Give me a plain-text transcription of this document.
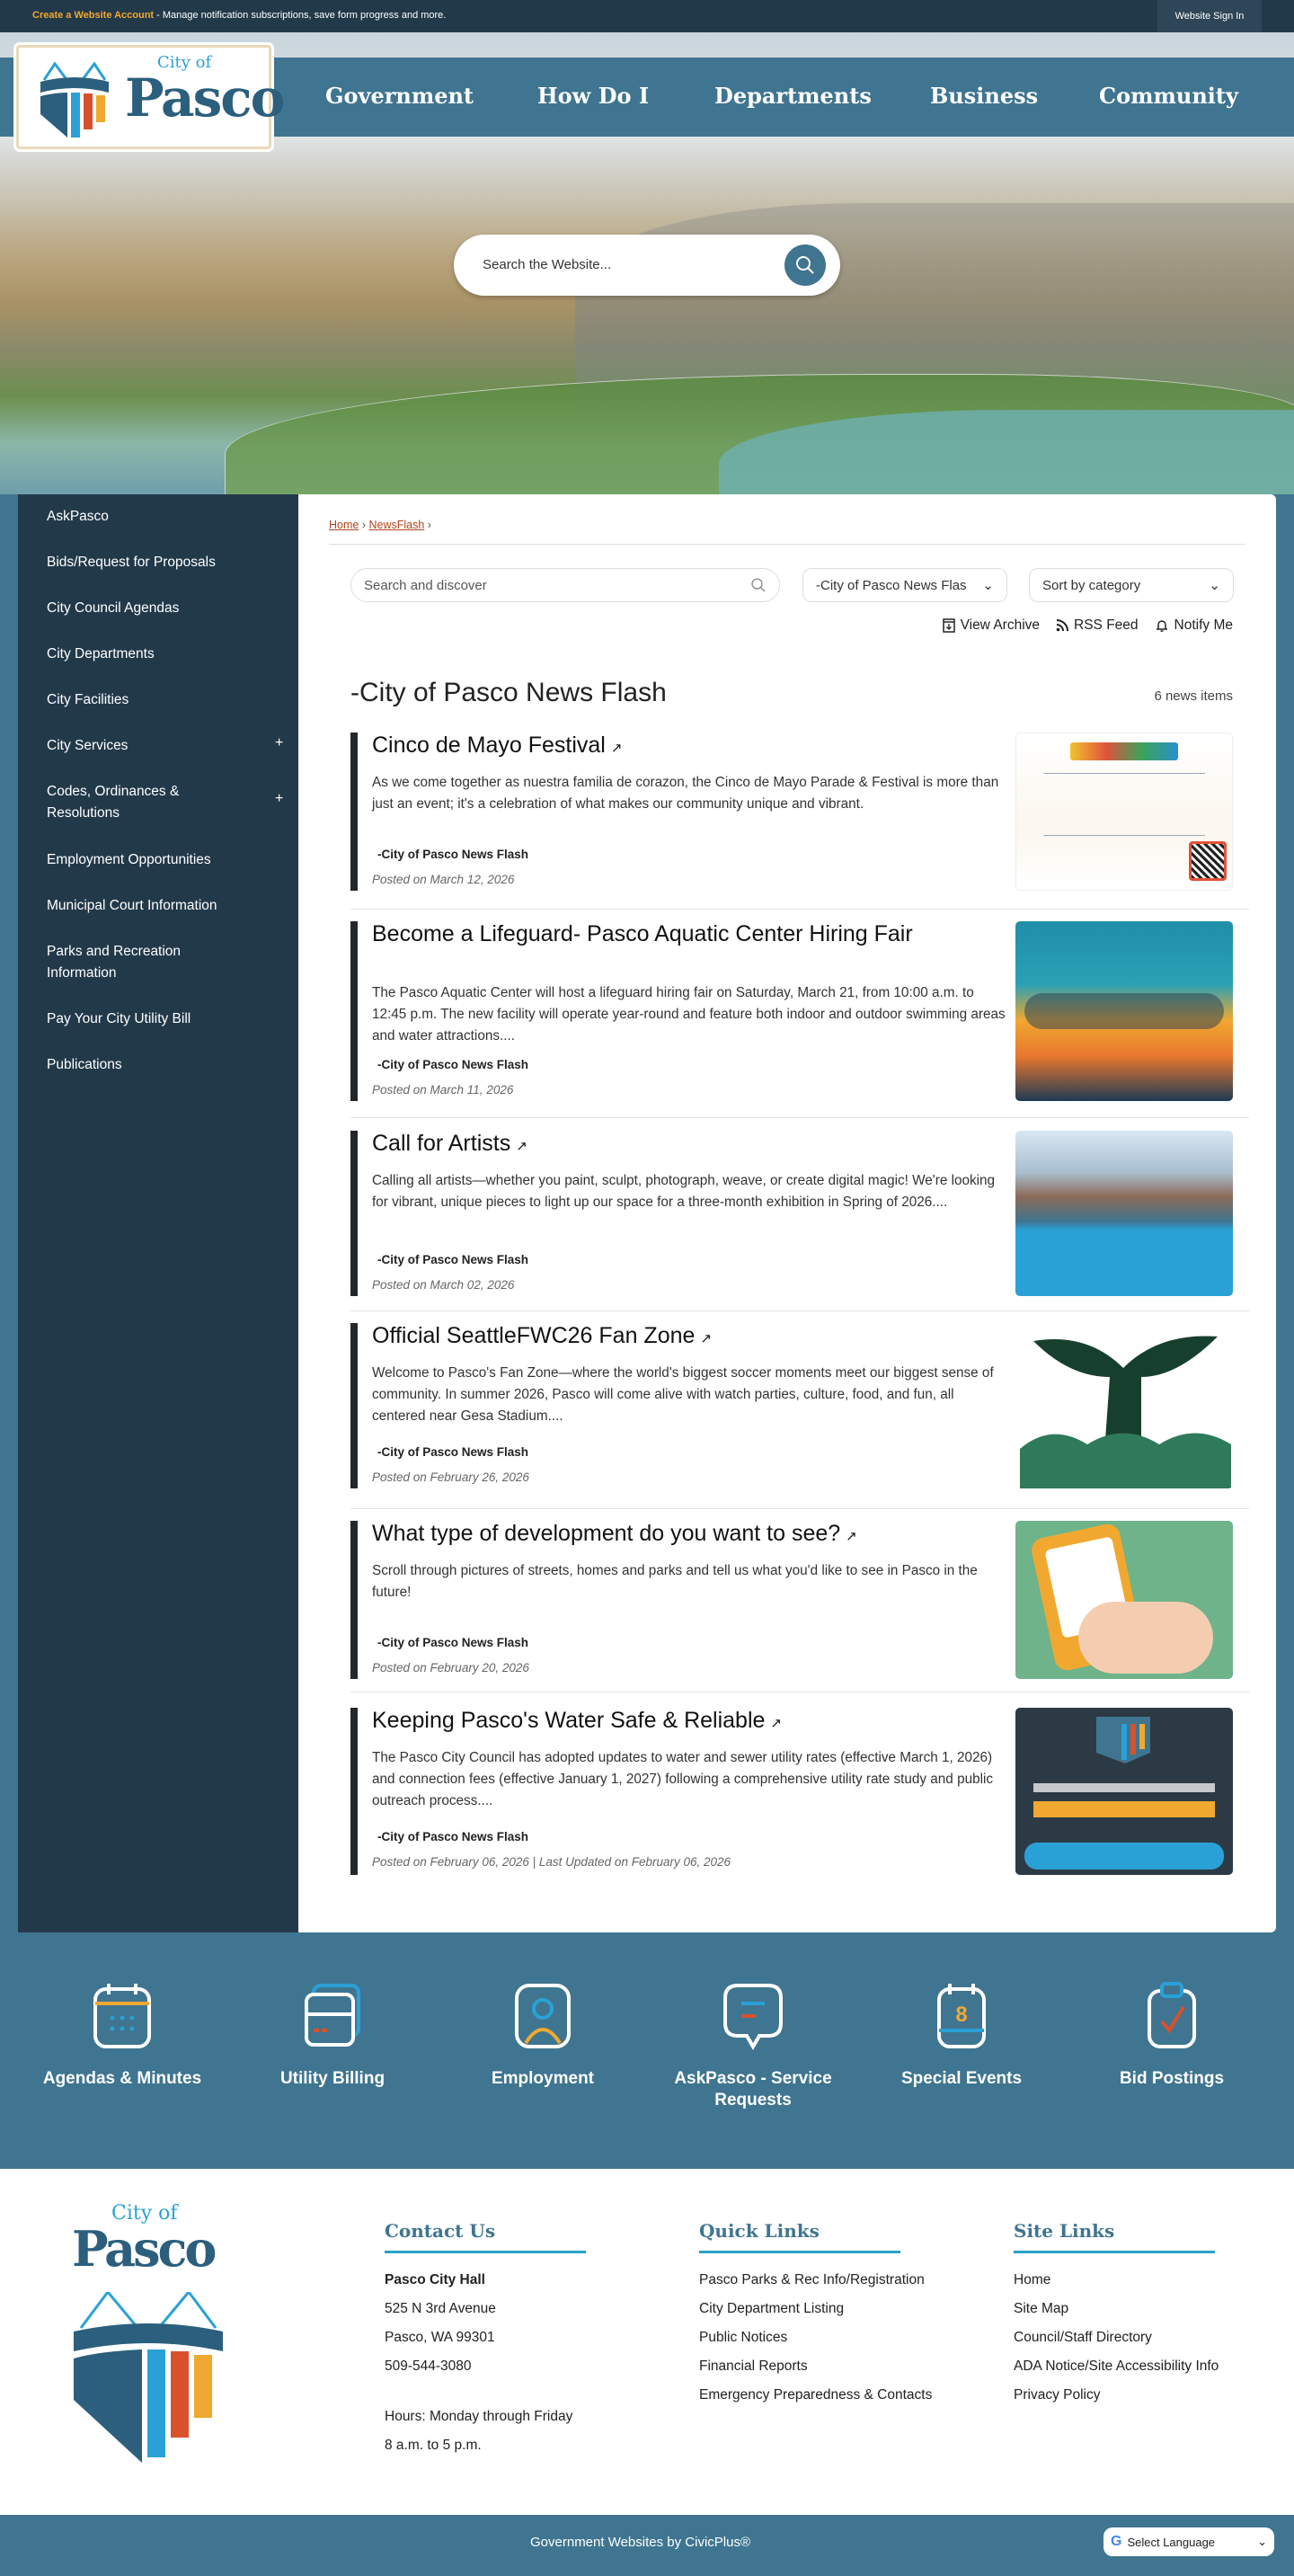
Create a Website Account - Manage notification subscriptions, save form progress and more.	Website Sign In
Government	How Do I	Departments	Business	Community
City of
Pasco
Search the Website...
AskPasco
Bids/Request for Proposals
City Council Agendas
City Departments
City Facilities
City Services	+
Codes, Ordinances & Resolutions
+
Employment Opportunities
Municipal Court Information
Parks and Recreation Information
Pay Your City Utility Bill
Publications
Home › NewsFlash ›
Search and discover	-City of Pasco News Flas	⌄	Sort by category	⌄
View Archive RSS Feed	Notify Me
-City of Pasco News Flash	6 news items
Cinco de Mayo Festival ↗
As we come together as nuestra familia de corazon, the Cinco de Mayo Parade & Festival is more than just an event; it's a celebration of what makes our community unique and vibrant.
-City of Pasco News Flash
Posted on March 12, 2026
Become a Lifeguard- Pasco Aquatic Center Hiring Fair
The Pasco Aquatic Center will host a lifeguard hiring fair on Saturday, March 21, from 10:00 a.m. to 12:45 p.m. The new facility will operate year-round and feature both indoor and outdoor swimming areas and water attractions....
-City of Pasco News Flash
Posted on March 11, 2026
Call for Artists ↗
Calling all artists—whether you paint, sculpt, photograph, weave, or create digital magic! We're looking for vibrant, unique pieces to light up our space for a three-month exhibition in Spring of 2026....
-City of Pasco News Flash
Posted on March 02, 2026
Official SeattleFWC26 Fan Zone ↗
Welcome to Pasco's Fan Zone—where the world's biggest soccer moments meet our biggest sense of community. In summer 2026, Pasco will come alive with watch parties, culture, food, and fun, all centered near Gesa Stadium....
-City of Pasco News Flash
Posted on February 26, 2026
What type of development do you want to see? ↗
Scroll through pictures of streets, homes and parks and tell us what you'd like to see in Pasco in the future!
-City of Pasco News Flash
Posted on February 20, 2026
Keeping Pasco's Water Safe & Reliable ↗
The Pasco City Council has adopted updates to water and sewer utility rates (effective March 1, 2026) and connection fees (effective January 1, 2027) following a comprehensive utility rate study and public outreach process....
-City of Pasco News Flash
Posted on February 06, 2026 | Last Updated on February 06, 2026
Agendas & Minutes	Utility Billing	Employment	AskPasco - Service Requests
8
Special Events	Bid Postings
City of
Pasco	Contact Us
Pasco City Hall
525 N 3rd Avenue
Pasco, WA 99301
509-544-3080
Hours: Monday through Friday
8 a.m. to 5 p.m.
Quick Links
Pasco Parks & Rec Info/Registration
City Department Listing
Public Notices
Financial Reports
Emergency Preparedness & Contacts
Site Links
Home
Site Map
Council/Staff Directory
ADA Notice/Site Accessibility Info
Privacy Policy
Government Websites by CivicPlus®	G Select Language	⌄
